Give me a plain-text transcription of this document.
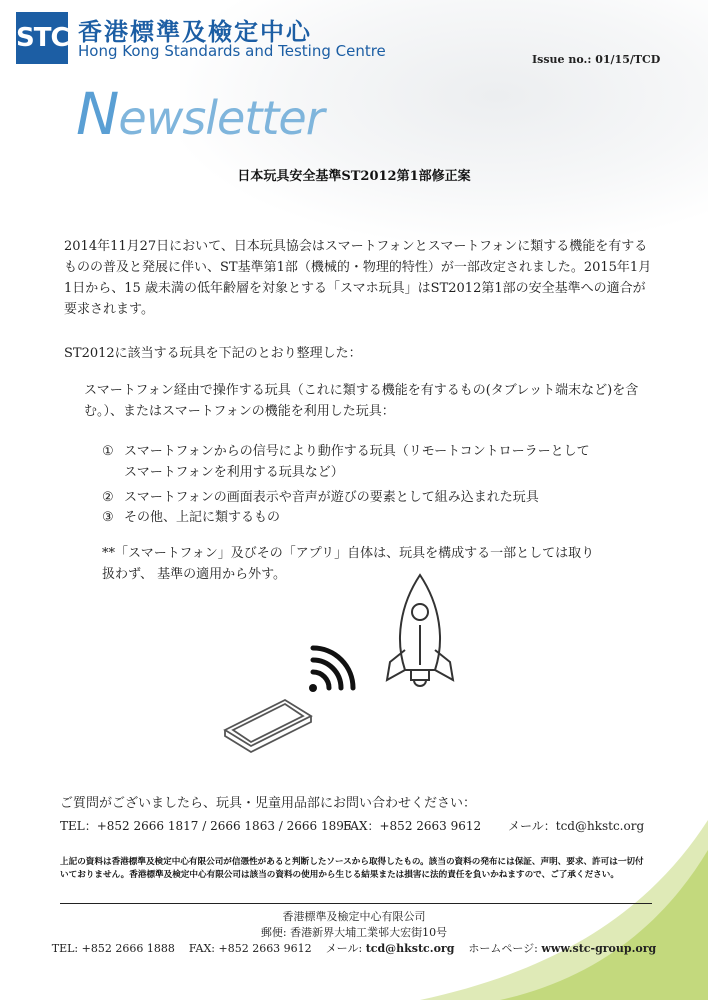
STC 香港標準及檢定中心
Hong Kong Standards and Testing Centre	Issue no.: 01/15/TCD
Newsletter
日本玩具安全基準ST2012第1部修正案
2014年11月27日において、日本玩具協会はスマートフォンとスマートフォンに類する機能を有するものの普及と発展に伴い、ST基準第1部（機械的・物理的特性）が一部改定されました。2015年1月1日から、15 歳未満の低年齢層を対象とする「スマホ玩具」はST2012第1部の安全基準への適合が要求されます。
ST2012に該当する玩具を下記のとおり整理した：
スマートフォン経由で操作する玩具（これに類する機能を有するもの(タブレット端末など)を含む。）、またはスマートフォンの機能を利用した玩具：
① スマートフォンからの信号により動作する玩具（リモートコントローラーとして
スマートフォンを利用する玩具など）
② スマートフォンの画面表示や音声が遊びの要素として組み込まれた玩具
③ その他、上記に類するもの
**「スマートフォン」及びその「アプリ」自体は、玩具を構成する一部としては取り扱わず、 基準の適用から外す。
ご質問がございましたら、玩具・児童用品部にお問い合わせください：
TEL：+852 2666 1817 / 2666 1863 / 2666 1895
FAX：+852 2663 9612 メール：tcd@hkstc.org
上記の資料は香港標準及検定中心有限公司が信憑性があると判断したソースから取得したもの。該当の資料の発布には保証、声明、要求、許可は一切付いておりません。香港標準及検定中心有限公司は該当の資料の使用から生じる結果または損害に法的責任を負いかねますので、ご了承ください。
香港標準及檢定中心有限公司
郵便: 香港新界大埔工業邨大宏街10号
TEL: +852 2666 1888 FAX: +852 2663 9612 メール: tcd@hkstc.org ホームページ: www.stc-group.org
